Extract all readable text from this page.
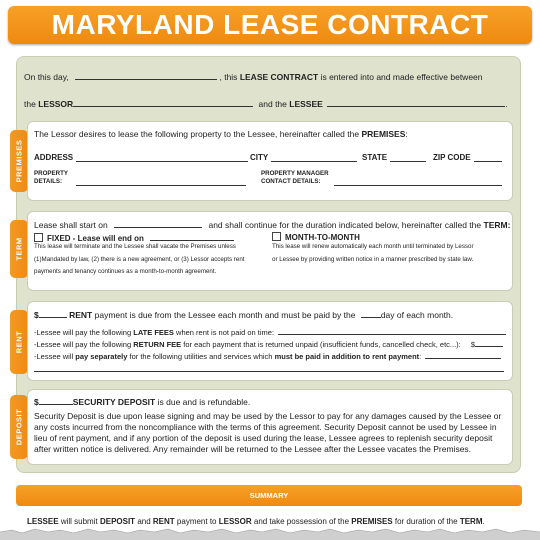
MARYLAND LEASE CONTRACT
On this day,	, this LEASE CONTRACT is entered into and made effective between
the LESSOR	and the LESSEE	.
PREMISES
The Lessor desires to lease the following property to the Lessee, hereinafter called the PREMISES:
ADDRESS	CITY	STATE	ZIP CODE
PROPERTY
DETAILS:
PROPERTY MANAGER
CONTACT DETAILS:
TERM
Lease shall start on	and shall continue for the duration indicated below, hereinafter called the TERM:
FIXED - Lease will end on
This lease will terminate and the Lessee shall vacate the Premises unless
(1)Mandated by law, (2) there is a new agreement, or (3) Lessor accepts rent
payments and tenancy continues as a month-to-month agreement.
MONTH-TO-MONTH
This lease will renew automatically each month until terminated by Lessor
or Lessee by providing written notice in a manner prescribed by state law.
RENT
$	RENT payment is due from the Lessee each month and must be paid by the	day of each month.
-Lessee will pay the following LATE FEES when rent is not paid on time:
-Lessee will pay the following RETURN FEE for each payment that is returned unpaid (insufficient funds, cancelled check, etc...): $
-Lessee will pay separately for the following utilities and services which must be paid in addition to rent payment:
DEPOSIT
$	SECURITY DEPOSIT is due and is refundable.
Security Deposit is due upon lease signing and may be used by the Lessor to pay for any damages caused by the Lessee or
any costs incurred from the noncompliance with the terms of this agreement. Security Deposit cannot be used by Lessee in
lieu of rent payment, and if any portion of the deposit is used during the lease, Lessee agrees to replenish security deposit
after written notice is delivered. Any remainder will be returned to the Lessee after the Lessee vacates the Premises.
SUMMARY
LESSEE will submit DEPOSIT and RENT payment to LESSOR and take possession of the PREMISES for duration of the TERM.
